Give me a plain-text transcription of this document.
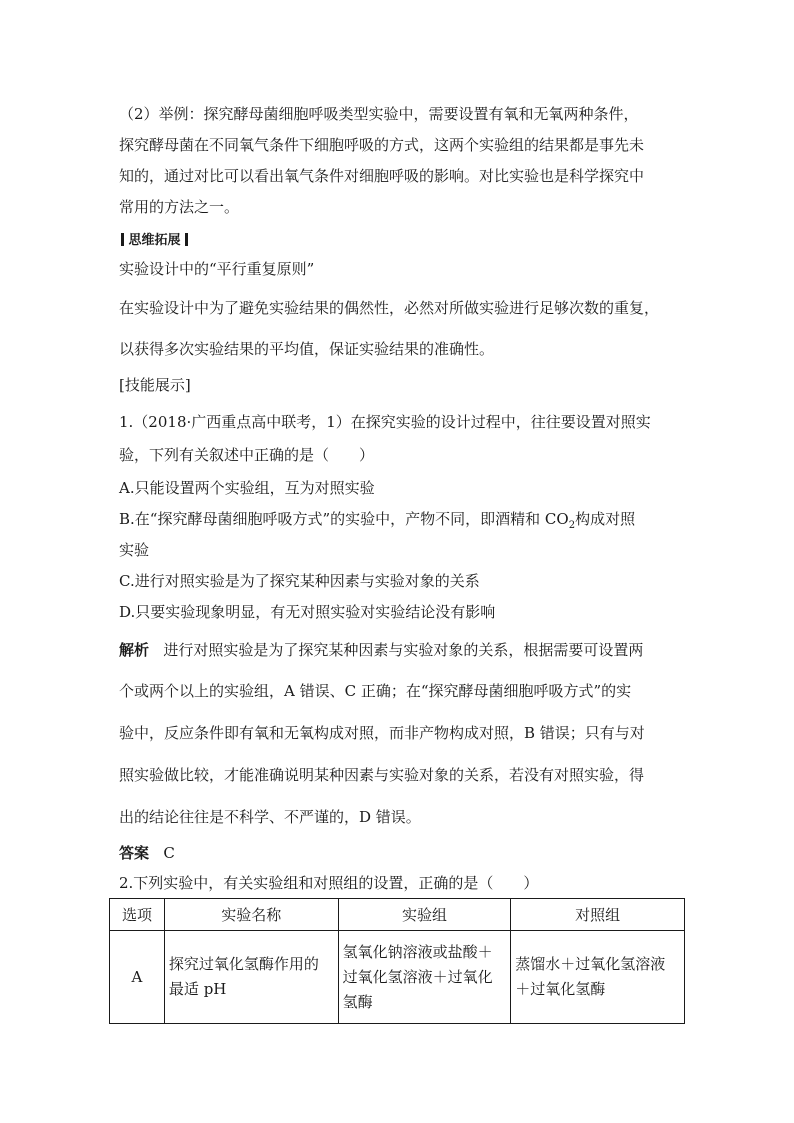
（2）举例：探究酵母菌细胞呼吸类型实验中，需要设置有氧和无氧两种条件，
探究酵母菌在不同氧气条件下细胞呼吸的方式，这两个实验组的结果都是事先未
知的，通过对比可以看出氧气条件对细胞呼吸的影响。对比实验也是科学探究中
常用的方法之一。
思维拓展
实验设计中的“平行重复原则”
在实验设计中为了避免实验结果的偶然性，必然对所做实验进行足够次数的重复，
以获得多次实验结果的平均值，保证实验结果的准确性。
[技能展示]
1.（2018·广西重点高中联考，1）在探究实验的设计过程中，往往要设置对照实
验，下列有关叙述中正确的是（　　）
A.只能设置两个实验组，互为对照实验
B.在“探究酵母菌细胞呼吸方式”的实验中，产物不同，即酒精和 $CO_2$构成对照
实验
C.进行对照实验是为了探究某种因素与实验对象的关系
D.只要实验现象明显，有无对照实验对实验结论没有影响
解析 进行对照实验是为了探究某种因素与实验对象的关系，根据需要可设置两
个或两个以上的实验组，A 错误、C 正确；在“探究酵母菌细胞呼吸方式”的实
验中，反应条件即有氧和无氧构成对照，而非产物构成对照，B 错误；只有与对
照实验做比较，才能准确说明某种因素与实验对象的关系，若没有对照实验，得
出的结论往往是不科学、不严谨的，D 错误。
答案 C
2.下列实验中，有关实验组和对照组的设置，正确的是（　　）
选项	实验名称	实验组	对照组
A	探究过氧化氢酶作用的最适 pH	氢氧化钠溶液或盐酸＋过氧化氢溶液＋过氧化氢酶	蒸馏水＋过氧化氢溶液＋过氧化氢酶
